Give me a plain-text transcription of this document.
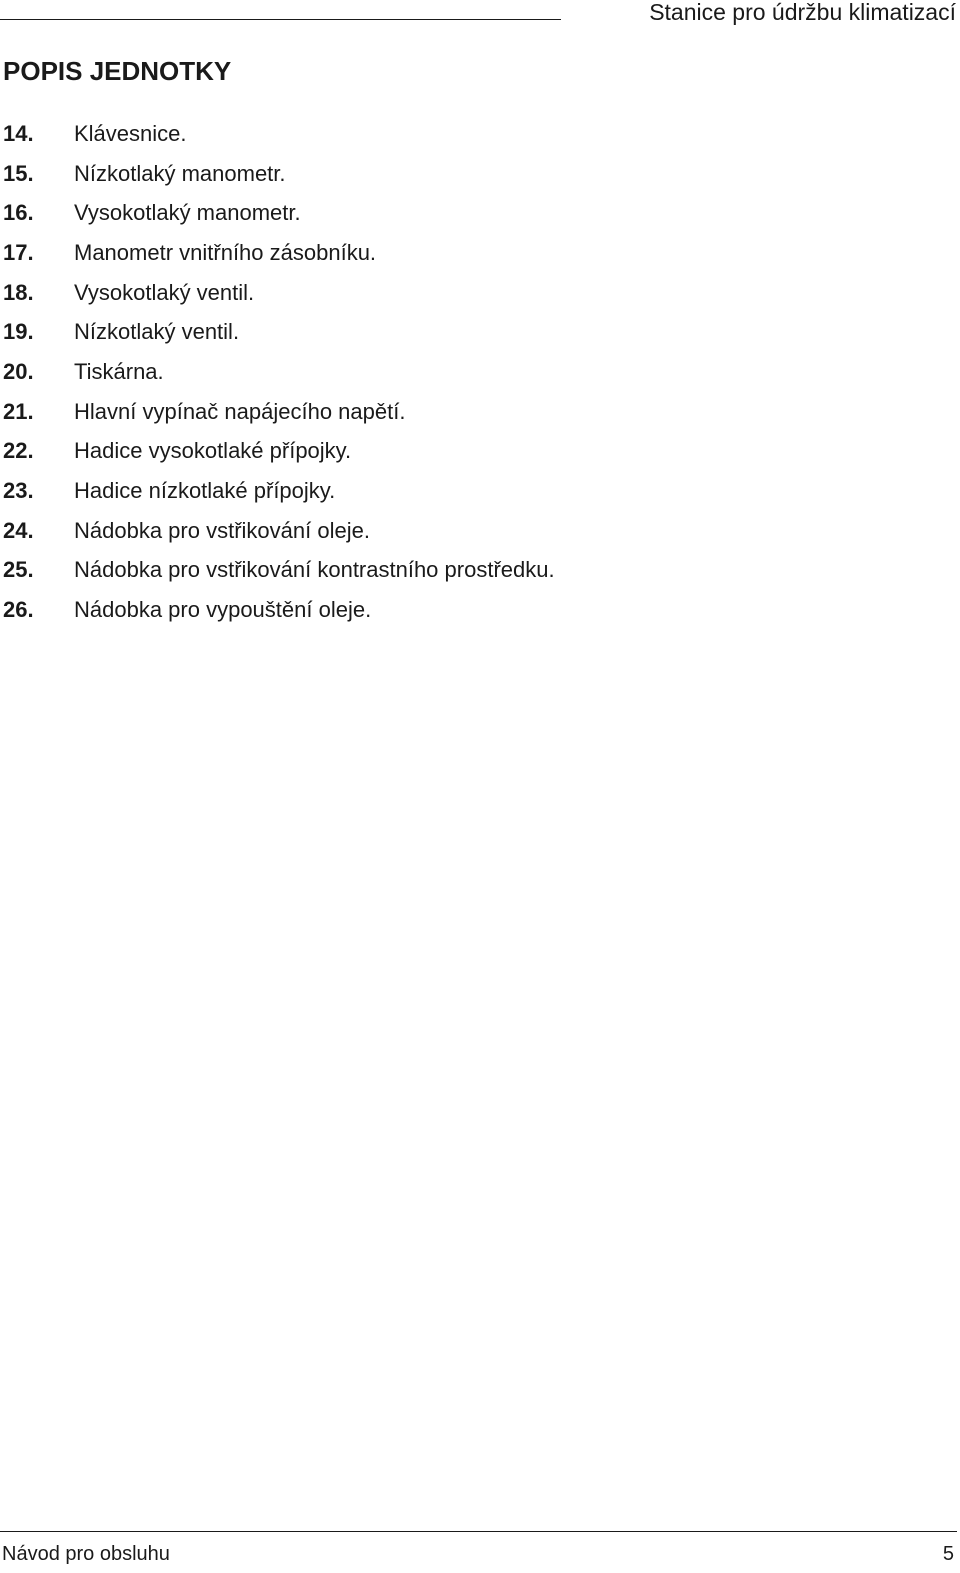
Stanice pro údržbu klimatizací
POPIS JEDNOTKY
14.	Klávesnice.
15.	Nízkotlaký manometr.
16.	Vysokotlaký manometr.
17.	Manometr vnitřního zásobníku.
18.	Vysokotlaký ventil.
19.	Nízkotlaký ventil.
20.	Tiskárna.
21.	Hlavní vypínač napájecího napětí.
22.	Hadice vysokotlaké přípojky.
23.	Hadice nízkotlaké přípojky.
24.	Nádobka pro vstřikování oleje.
25.	Nádobka pro vstřikování kontrastního prostředku.
26.	Nádobka pro vypouštění oleje.
Návod pro obsluhu	5
